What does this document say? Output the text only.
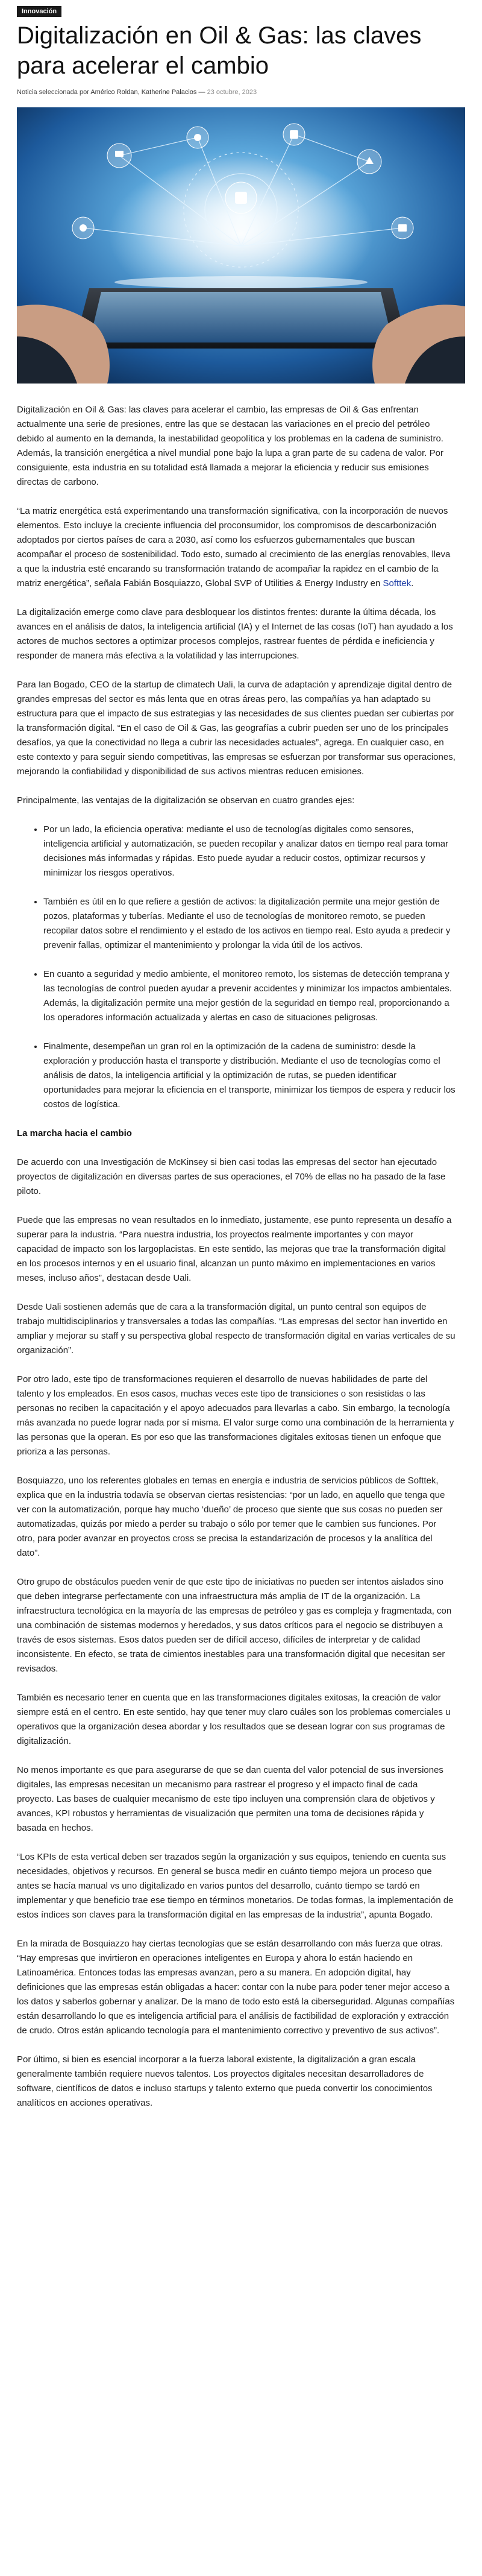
Innovación
Digitalización en Oil & Gas: las claves para acelerar el cambio
Noticia seleccionada por Américo Roldan, Katherine Palacios — 23 octubre, 2023

Digitalización en Oil & Gas: las claves para acelerar el cambio, las empresas de Oil & Gas enfrentan actualmente una serie de presiones, entre las que se destacan las variaciones en el precio del petróleo debido al aumento en la demanda, la inestabilidad geopolítica y los problemas en la cadena de suministro. Además, la transición energética a nivel mundial pone bajo la lupa a gran parte de su cadena de valor. Por consiguiente, esta industria en su totalidad está llamada a mejorar la eficiencia y reducir sus emisiones directas de carbono.

“La matriz energética está experimentando una transformación significativa, con la incorporación de nuevos elementos. Esto incluye la creciente influencia del proconsumidor, los compromisos de descarbonización adoptados por ciertos países de cara a 2030, así como los esfuerzos gubernamentales que buscan acompañar el proceso de sostenibilidad. Todo esto, sumado al crecimiento de las energías renovables, lleva a que la industria esté encarando su transformación tratando de acompañar la rapidez en el cambio de la matriz energética”, señala Fabián Bosquiazzo, Global SVP of Utilities & Energy Industry en Softtek.

La digitalización emerge como clave para desbloquear los distintos frentes: durante la última década, los avances en el análisis de datos, la inteligencia artificial (IA) y el Internet de las cosas (IoT) han ayudado a los actores de muchos sectores a optimizar procesos complejos, rastrear fuentes de pérdida e ineficiencia y responder de manera más efectiva a la volatilidad y las interrupciones.

Para Ian Bogado, CEO de la startup de climatech Uali, la curva de adaptación y aprendizaje digital dentro de grandes empresas del sector es más lenta que en otras áreas pero, las compañías ya han adaptado su estructura para que el impacto de sus estrategias y las necesidades de sus clientes puedan ser cubiertas por la transformación digital. “En el caso de Oil & Gas, las geografías a cubrir pueden ser uno de los principales desafíos, ya que la conectividad no llega a cubrir las necesidades actuales”, agrega. En cualquier caso, en este contexto y para seguir siendo competitivas, las empresas se esfuerzan por transformar sus operaciones, mejorando la confiabilidad y disponibilidad de sus activos mientras reducen emisiones.

Principalmente, las ventajas de la digitalización se observan en cuatro grandes ejes:

• Por un lado, la eficiencia operativa: mediante el uso de tecnologías digitales como sensores, inteligencia artificial y automatización, se pueden recopilar y analizar datos en tiempo real para tomar decisiones más informadas y rápidas. Esto puede ayudar a reducir costos, optimizar recursos y minimizar los riesgos operativos.
• También es útil en lo que refiere a gestión de activos: la digitalización permite una mejor gestión de pozos, plataformas y tuberías. Mediante el uso de tecnologías de monitoreo remoto, se pueden recopilar datos sobre el rendimiento y el estado de los activos en tiempo real. Esto ayuda a predecir y prevenir fallas, optimizar el mantenimiento y prolongar la vida útil de los activos.
• En cuanto a seguridad y medio ambiente, el monitoreo remoto, los sistemas de detección temprana y las tecnologías de control pueden ayudar a prevenir accidentes y minimizar los impactos ambientales. Además, la digitalización permite una mejor gestión de la seguridad en tiempo real, proporcionando a los operadores información actualizada y alertas en caso de situaciones peligrosas.
• Finalmente, desempeñan un gran rol en la optimización de la cadena de suministro: desde la exploración y producción hasta el transporte y distribución. Mediante el uso de tecnologías como el análisis de datos, la inteligencia artificial y la optimización de rutas, se pueden identificar oportunidades para mejorar la eficiencia en el transporte, minimizar los tiempos de espera y reducir los costos de logística.
La marcha hacia el cambio

De acuerdo con una Investigación de McKinsey si bien casi todas las empresas del sector han ejecutado proyectos de digitalización en diversas partes de sus operaciones, el 70% de ellas no ha pasado de la fase piloto.

Puede que las empresas no vean resultados en lo inmediato, justamente, ese punto representa un desafío a superar para la industria. “Para nuestra industria, los proyectos realmente importantes y con mayor capacidad de impacto son los largoplacistas. En este sentido, las mejoras que trae la transformación digital en los procesos internos y en el usuario final, alcanzan un punto máximo en implementaciones en varios meses, incluso años”, destacan desde Uali.

Desde Uali sostienen además que de cara a la transformación digital, un punto central son equipos de trabajo multidisciplinarios y transversales a todas las compañías. “Las empresas del sector han invertido en ampliar y mejorar su staff y su perspectiva global respecto de transformación digital en varias verticales de su organización”.

Por otro lado, este tipo de transformaciones requieren el desarrollo de nuevas habilidades de parte del talento y los empleados. En esos casos, muchas veces este tipo de transiciones o son resistidas o las personas no reciben la capacitación y el apoyo adecuados para llevarlas a cabo. Sin embargo, la tecnología más avanzada no puede lograr nada por sí misma. El valor surge como una combinación de la herramienta y las personas que la operan. Es por eso que las transformaciones digitales exitosas tienen un enfoque que prioriza a las personas.

Bosquiazzo, uno los referentes globales en temas en energía e industria de servicios públicos de Softtek, explica que en la industria todavía se observan ciertas resistencias: “por un lado, en aquello que tenga que ver con la automatización, porque hay mucho ‘dueño’ de proceso que siente que sus cosas no pueden ser automatizadas, quizás por miedo a perder su trabajo o sólo por temer que le cambien sus funciones. Por otro, para poder avanzar en proyectos cross se precisa la estandarización de procesos y la analítica del dato”.

Otro grupo de obstáculos pueden venir de que este tipo de iniciativas no pueden ser intentos aislados sino que deben integrarse perfectamente con una infraestructura más amplia de IT de la organización. La infraestructura tecnológica en la mayoría de las empresas de petróleo y gas es compleja y fragmentada, con una combinación de sistemas modernos y heredados, y sus datos críticos para el negocio se distribuyen a través de esos sistemas. Esos datos pueden ser de difícil acceso, difíciles de interpretar y de calidad inconsistente. En efecto, se trata de cimientos inestables para una transformación digital que necesitan ser revisados.

También es necesario tener en cuenta que en las transformaciones digitales exitosas, la creación de valor siempre está en el centro. En este sentido, hay que tener muy claro cuáles son los problemas comerciales u operativos que la organización desea abordar y los resultados que se desean lograr con sus programas de digitalización.

No menos importante es que para asegurarse de que se dan cuenta del valor potencial de sus inversiones digitales, las empresas necesitan un mecanismo para rastrear el progreso y el impacto final de cada proyecto. Las bases de cualquier mecanismo de este tipo incluyen una comprensión clara de objetivos y avances, KPI robustos y herramientas de visualización que permiten una toma de decisiones rápida y basada en hechos.

“Los KPIs de esta vertical deben ser trazados según la organización y sus equipos, teniendo en cuenta sus necesidades, objetivos y recursos. En general se busca medir en cuánto tiempo mejora un proceso que antes se hacía manual vs uno digitalizado en varios puntos del desarrollo, cuánto tiempo se tardó en implementar y que beneficio trae ese tiempo en términos monetarios. De todas formas, la implementación de estos índices son claves para la transformación digital en las empresas de la industria”, apunta Bogado.

En la mirada de Bosquiazzo hay ciertas tecnologías que se están desarrollando con más fuerza que otras. “Hay empresas que invirtieron en operaciones inteligentes en Europa y ahora lo están haciendo en Latinoamérica. Entonces todas las empresas avanzan, pero a su manera. En adopción digital, hay definiciones que las empresas están obligadas a hacer: contar con la nube para poder tener mejor acceso a los datos y saberlos gobernar y analizar. De la mano de todo esto está la ciberseguridad. Algunas compañías están desarrollando lo que es inteligencia artificial para el análisis de factibilidad de exploración y extracción de crudo. Otros están aplicando tecnología para el mantenimiento correctivo y preventivo de sus activos”.

Por último, si bien es esencial incorporar a la fuerza laboral existente, la digitalización a gran escala generalmente también requiere nuevos talentos. Los proyectos digitales necesitan desarrolladores de software, científicos de datos e incluso startups y talento externo que pueda convertir los conocimientos analíticos en acciones operativas.
